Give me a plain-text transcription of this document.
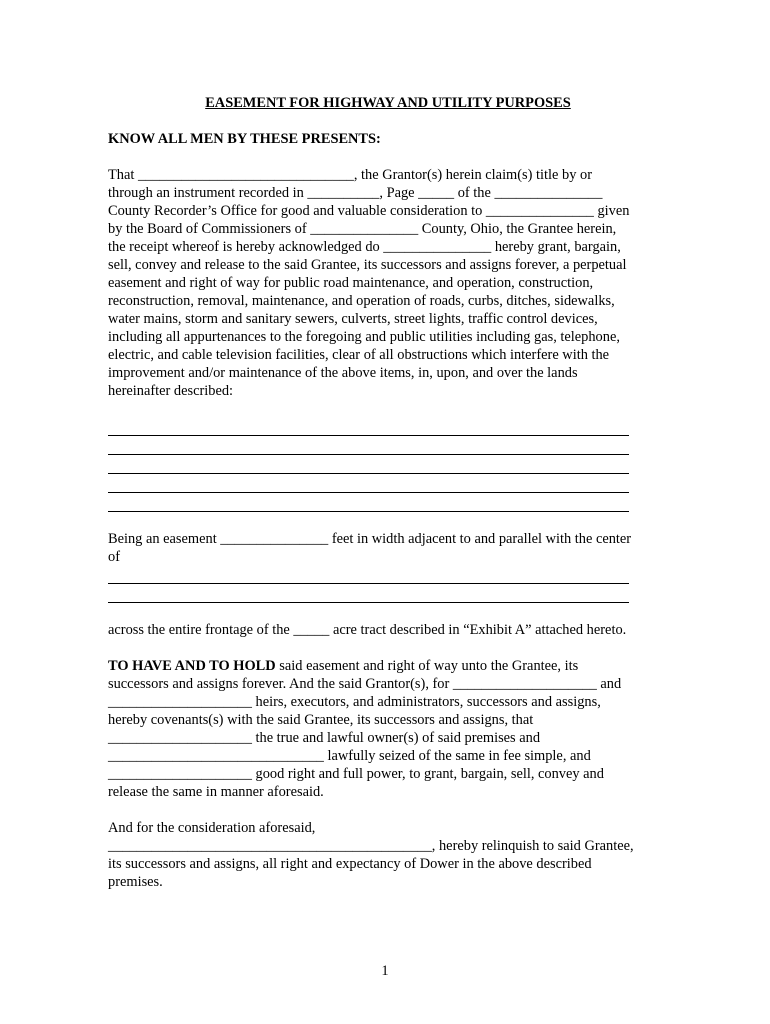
EASEMENT FOR HIGHWAY AND UTILITY PURPOSES
KNOW ALL MEN BY THESE PRESENTS:
That ______________________________, the Grantor(s) herein claim(s) title by or
through an instrument recorded in __________, Page _____ of the _______________
County Recorder’s Office for good and valuable consideration to _______________ given
by the Board of Commissioners of _______________ County, Ohio, the Grantee herein,
the receipt whereof is hereby acknowledged do _______________ hereby grant, bargain,
sell, convey and release to the said Grantee, its successors and assigns forever, a perpetual
easement and right of way for public road maintenance, and operation, construction,
reconstruction, removal, maintenance, and operation of roads, curbs, ditches, sidewalks,
water mains, storm and sanitary sewers, culverts, street lights, traffic control devices,
including all appurtenances to the foregoing and public utilities including gas, telephone,
electric, and cable television facilities, clear of all obstructions which interfere with the
improvement and/or maintenance of the above items, in, upon, and over the lands
hereinafter described:
Being an easement _______________ feet in width adjacent to and parallel with the center
of
across the entire frontage of the _____ acre tract described in “Exhibit A” attached hereto.
TO HAVE AND TO HOLD said easement and right of way unto the Grantee, its
successors and assigns forever. And the said Grantor(s), for ____________________ and
____________________ heirs, executors, and administrators, successors and assigns,
hereby covenants(s) with the said Grantee, its successors and assigns, that
____________________ the true and lawful owner(s) of said premises and
______________________________ lawfully seized of the same in fee simple, and
____________________ good right and full power, to grant, bargain, sell, convey and
release the same in manner aforesaid.
And for the consideration aforesaid,
_____________________________________________, hereby relinquish to said Grantee,
its successors and assigns, all right and expectancy of Dower in the above described
premises.
1
